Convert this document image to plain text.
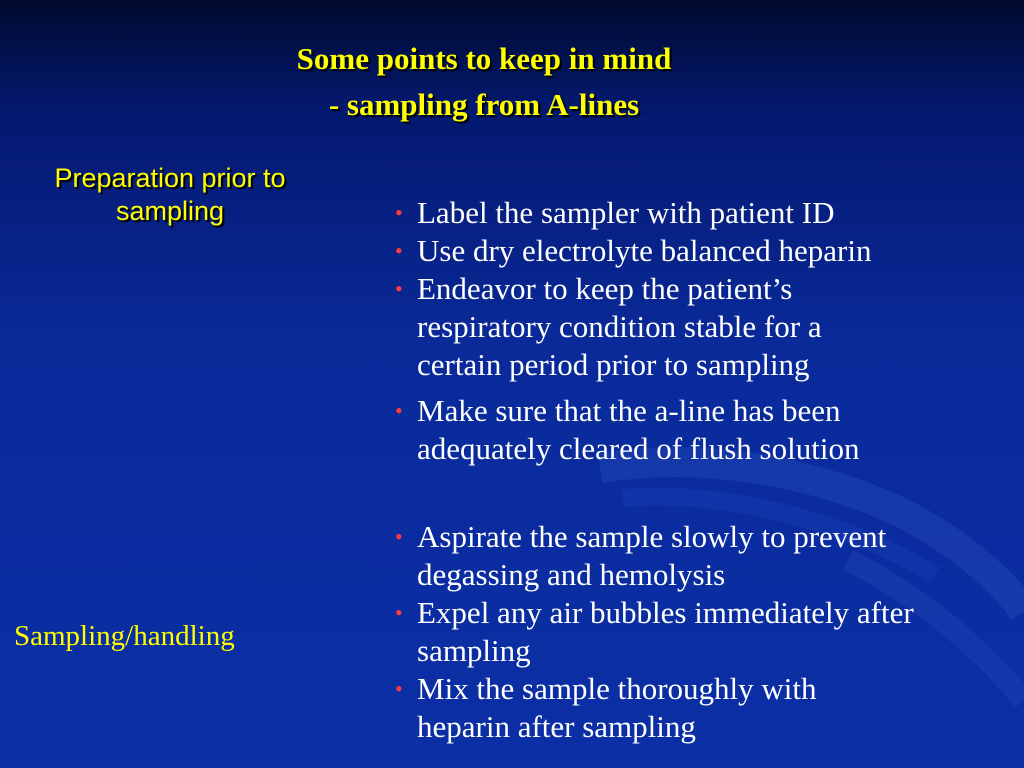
Some points to keep in mind
- sampling from A-lines
Preparation prior to sampling	• Label the sampler with patient ID
• Use dry electrolyte balanced heparin
• Endeavor to keep the patient’s
respiratory condition stable for a
certain period prior to sampling
• Make sure that the a-line has been
adequately cleared of flush solution
• Aspirate the sample slowly to prevent
degassing and hemolysis
• Expel any air bubbles immediately after
sampling
• Mix the sample thoroughly with
heparin after sampling
Sampling/handling
